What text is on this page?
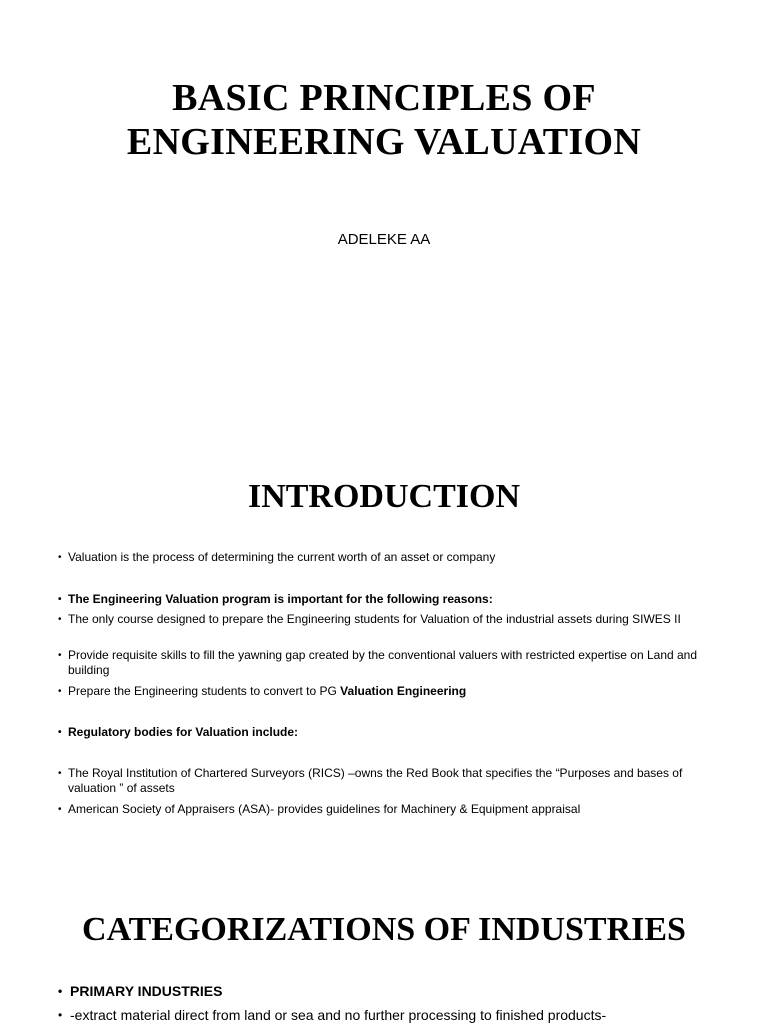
BASIC PRINCIPLES OF
ENGINEERING VALUATION
ADELEKE AA
INTRODUCTION
• Valuation is the process of determining the current worth of an asset or company
• The Engineering Valuation program is important for the following reasons:
• The only course designed to prepare the Engineering students for Valuation of the industrial assets during SIWES II
• Provide requisite skills to fill the yawning gap created by the conventional valuers with restricted expertise on Land and building
• Prepare the Engineering students to convert to PG Valuation Engineering
• Regulatory bodies for Valuation include:
• The Royal Institution of Chartered Surveyors (RICS) –owns the Red Book that specifies the “Purposes and bases of valuation ” of assets
• American Society of Appraisers (ASA)- provides guidelines for Machinery & Equipment appraisal
CATEGORIZATIONS OF INDUSTRIES
• PRIMARY INDUSTRIES
• -extract material direct from land or sea and no further processing to finished products-
